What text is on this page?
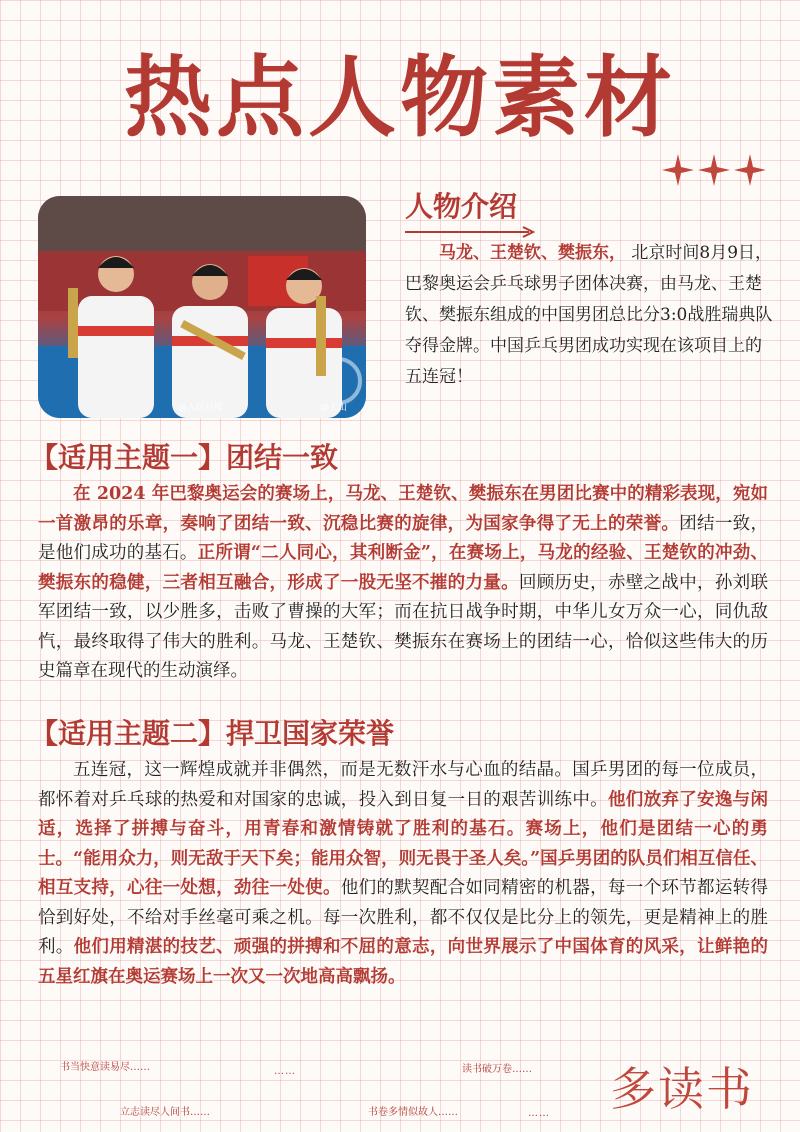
热点人物素材
@人民日报	@天山
人物介绍
马龙、王楚钦、樊振东， 北京时间8月9日，巴黎奥运会乒乓球男子团体决赛，由马龙、王楚钦、樊振东组成的中国男团总比分3:0战胜瑞典队夺得金牌。中国乒乓男团成功实现在该项目上的五连冠！
【适用主题一】团结一致
在 2024 年巴黎奥运会的赛场上，马龙、王楚钦、樊振东在男团比赛中的精彩表现，宛如一首激昂的乐章，奏响了团结一致、沉稳比赛的旋律，为国家争得了无上的荣誉。团结一致，是他们成功的基石。正所谓“二人同心，其利断金”，在赛场上，马龙的经验、王楚钦的冲劲、樊振东的稳健，三者相互融合，形成了一股无坚不摧的力量。回顾历史，赤壁之战中，孙刘联军团结一致，以少胜多，击败了曹操的大军；而在抗日战争时期，中华儿女万众一心，同仇敌忾，最终取得了伟大的胜利。马龙、王楚钦、樊振东在赛场上的团结一心，恰似这些伟大的历史篇章在现代的生动演绎。
【适用主题二】捍卫国家荣誉
五连冠，这一辉煌成就并非偶然，而是无数汗水与心血的结晶。国乒男团的每一位成员，都怀着对乒乓球的热爱和对国家的忠诚，投入到日复一日的艰苦训练中。他们放弃了安逸与闲适，选择了拼搏与奋斗，用青春和激情铸就了胜利的基石。赛场上，他们是团结一心的勇士。“能用众力，则无敌于天下矣；能用众智，则无畏于圣人矣。”国乒男团的队员们相互信任、相互支持，心往一处想，劲往一处使。他们的默契配合如同精密的机器，每一个环节都运转得恰到好处，不给对手丝毫可乘之机。每一次胜利，都不仅仅是比分上的领先，更是精神上的胜利。他们用精湛的技艺、顽强的拼搏和不屈的意志，向世界展示了中国体育的风采，让鲜艳的五星红旗在奥运赛场上一次又一次地高高飘扬。
书当快意读易尽……	……	读书破万卷……
立志读尽人间书……	书卷多情似故人……	…… 多读书
